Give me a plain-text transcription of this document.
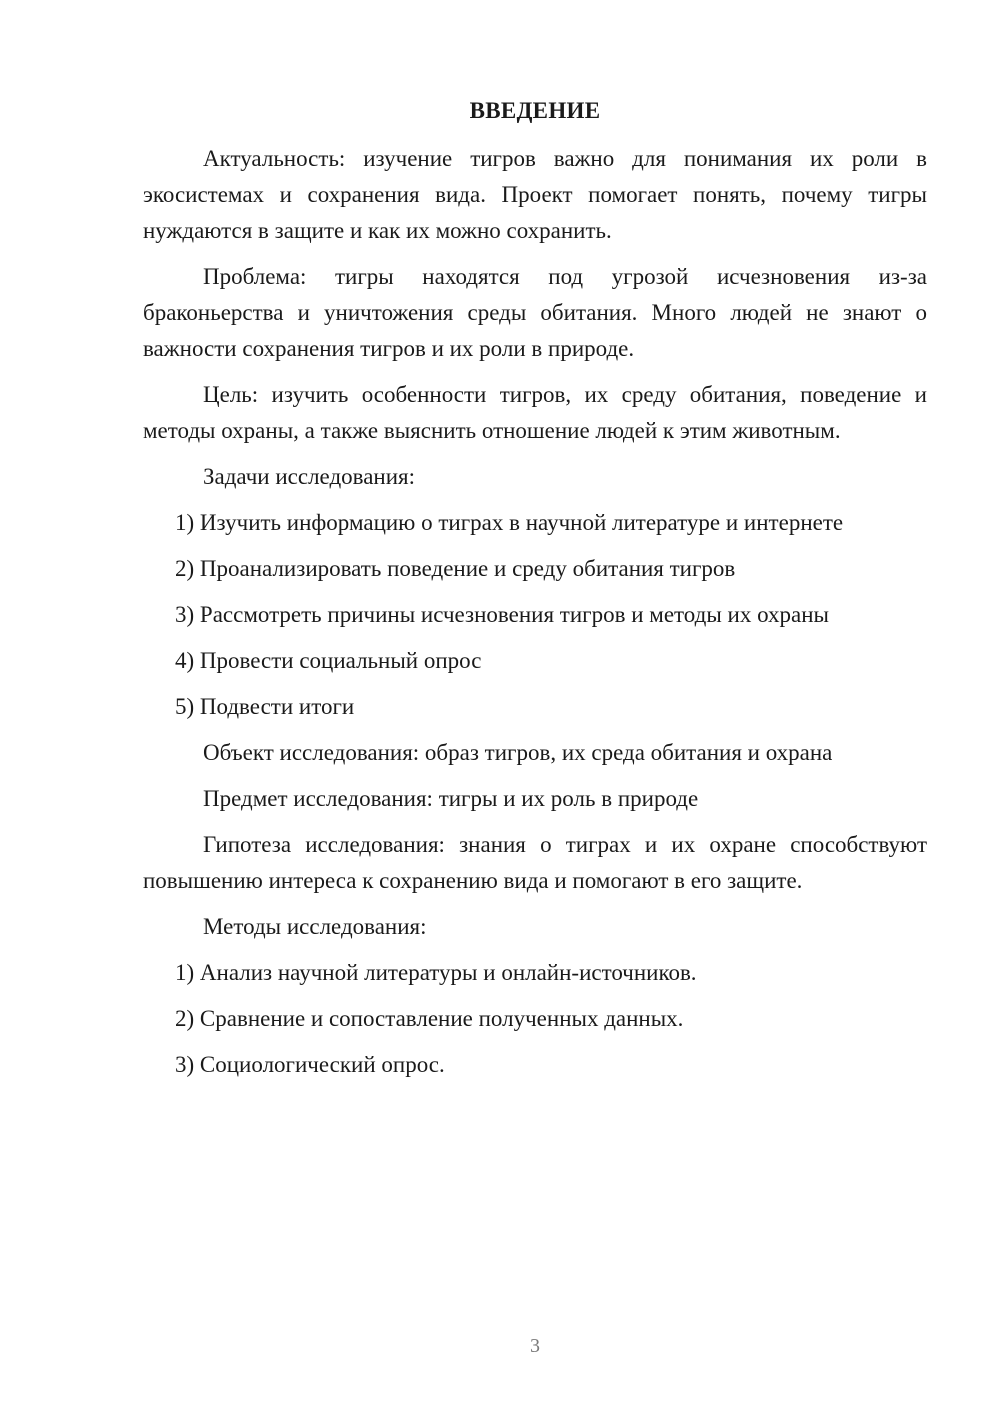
ВВЕДЕНИЕ
Актуальность: изучение тигров важно для понимания их роли в экосистемах и сохранения вида. Проект помогает понять, почему тигры нуждаются в защите и как их можно сохранить.
Проблема: тигры находятся под угрозой исчезновения из-за браконьерства и уничтожения среды обитания. Много людей не знают о важности сохранения тигров и их роли в природе.
Цель: изучить особенности тигров, их среду обитания, поведение и методы охраны, а также выяснить отношение людей к этим животным.
Задачи исследования:
1) Изучить информацию о тиграх в научной литературе и интернете
2) Проанализировать поведение и среду обитания тигров
3) Рассмотреть причины исчезновения тигров и методы их охраны
4) Провести социальный опрос
5) Подвести итоги
Объект исследования: образ тигров, их среда обитания и охрана
Предмет исследования: тигры и их роль в природе
Гипотеза исследования: знания о тиграх и их охране способствуют повышению интереса к сохранению вида и помогают в его защите.
Методы исследования:
1) Анализ научной литературы и онлайн-источников.
2) Сравнение и сопоставление полученных данных.
3) Социологический опрос.
3
